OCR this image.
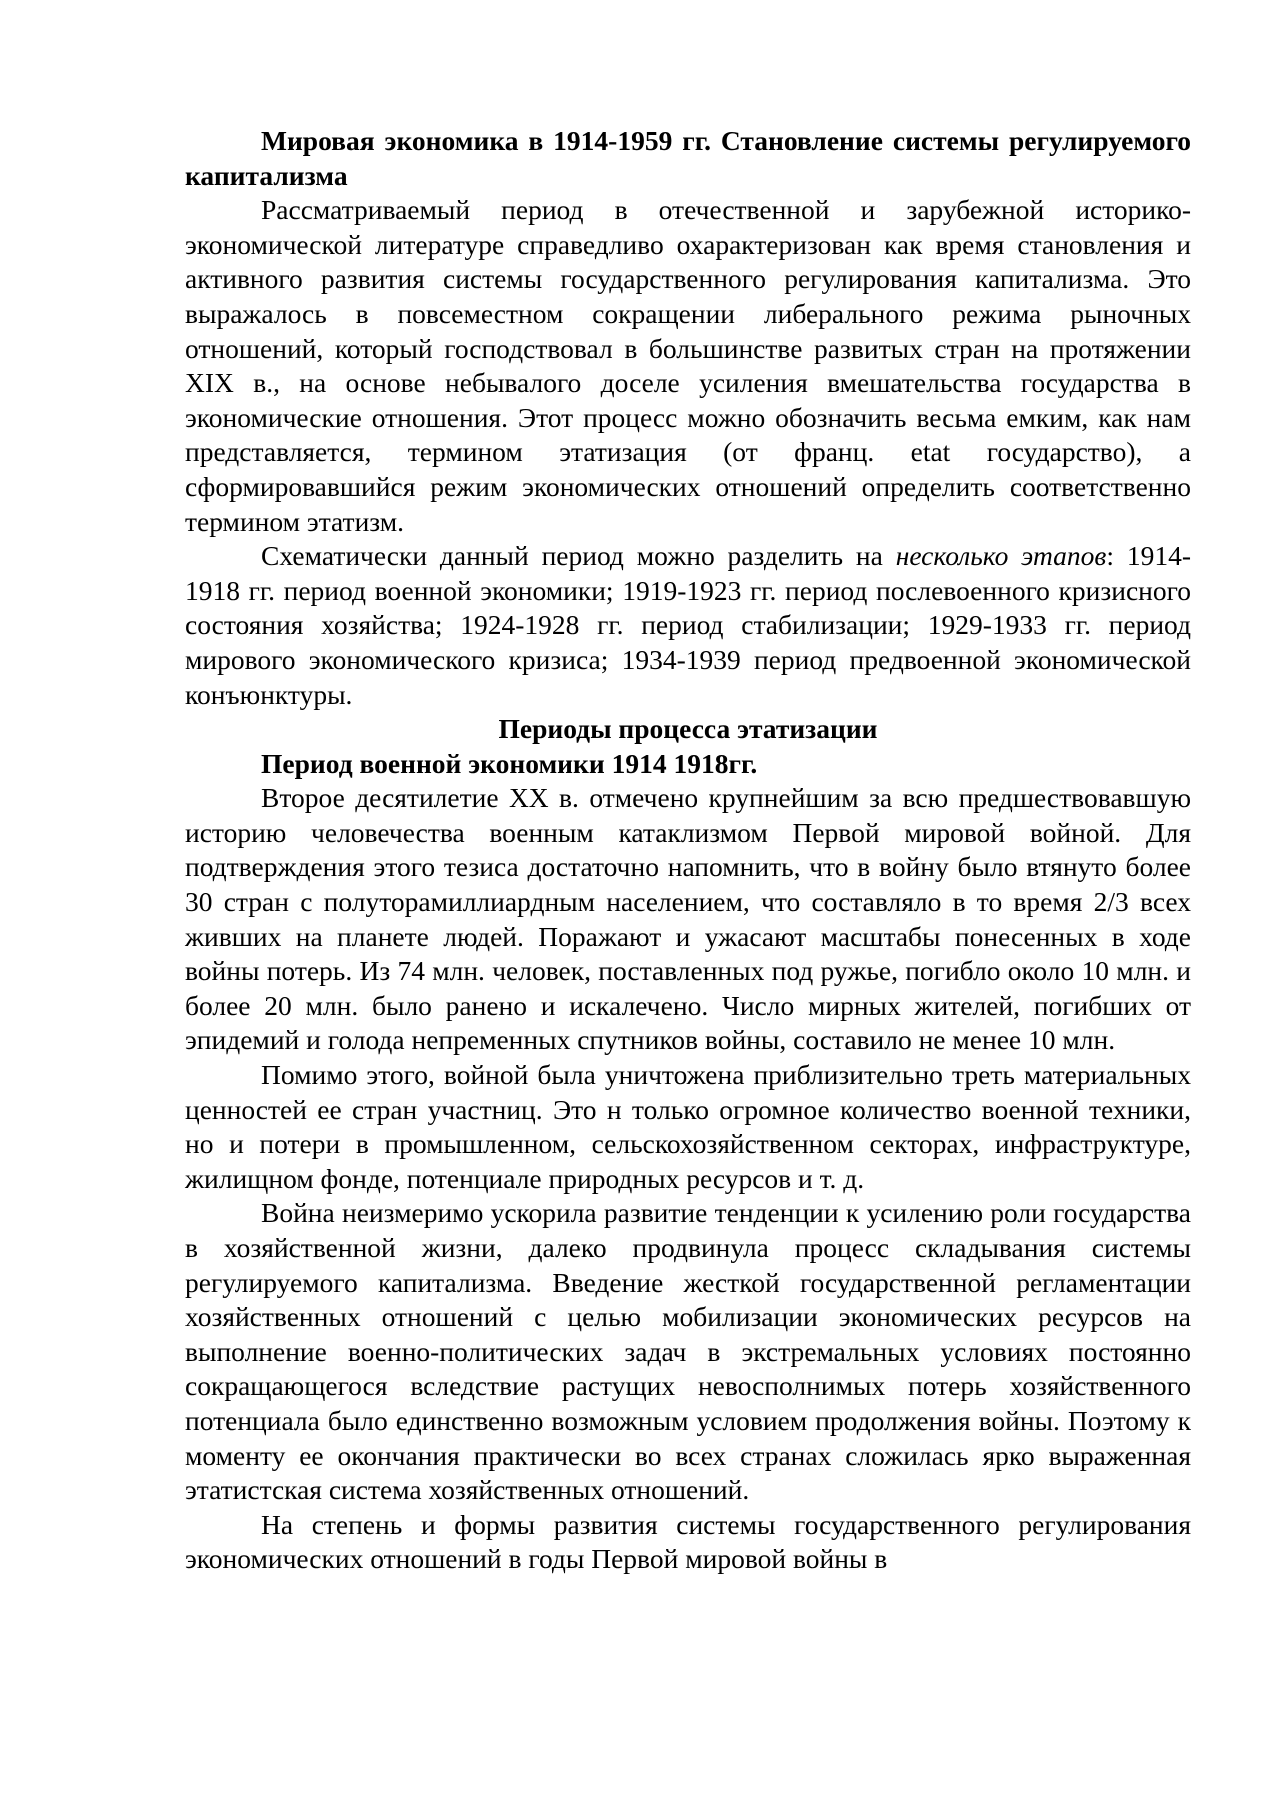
Мировая экономика в 1914-1959 гг. Становление системы регулируемого капитализма

Рассматриваемый период в отечественной и зарубежной историко-экономической литературе справедливо охарактеризован как время становления и активного развития системы государственного регулирования капитализма. Это выражалось в повсеместном сокращении либерального режима рыночных отношений, который господствовал в большинстве развитых стран на протяжении XIX в., на основе небывалого доселе усиления вмешательства государства в экономические отношения. Этот процесс можно обозначить весьма емким, как нам представляется, термином этатизация (от франц. etat государство), а сформировавшийся режим экономических отношений определить соответственно термином этатизм.

Схематически данный период можно разделить на несколько этапов: 1914-1918 гг. период военной экономики; 1919-1923 гг. период послевоенного кризисного состояния хозяйства; 1924-1928 гг. период стабилизации; 1929-1933 гг. период мирового экономического кризиса; 1934-1939 период предвоенной экономической конъюнктуры.

Периоды процесса этатизации

Период военной экономики 1914 1918гг.

Второе десятилетие XX в. отмечено крупнейшим за всю предшествовавшую историю человечества военным катаклизмом Первой мировой войной. Для подтверждения этого тезиса достаточно напомнить, что в войну было втянуто более 30 стран с полуторамиллиардным населением, что составляло в то время 2/3 всех живших на планете людей. Поражают и ужасают масштабы понесенных в ходе войны потерь. Из 74 млн. человек, поставленных под ружье, погибло около 10 млн. и более 20 млн. было ранено и искалечено. Число мирных жителей, погибших от эпидемий и голода непременных спутников войны, составило не менее 10 млн.

Помимо этого, войной была уничтожена приблизительно треть материальных ценностей ее стран участниц. Это н только огромное количество военной техники, но и потери в промышленном, сельскохозяйственном секторах, инфраструктуре, жилищном фонде, потенциале природных ресурсов и т. д.

Война неизмеримо ускорила развитие тенденции к усилению роли государства в хозяйственной жизни, далеко продвинула процесс складывания системы регулируемого капитализма. Введение жесткой государственной регламентации хозяйственных отношений с целью мобилизации экономических ресурсов на выполнение военно-политических задач в экстремальных условиях постоянно сокращающегося вследствие растущих невосполнимых потерь хозяйственного потенциала было единственно возможным условием продолжения войны. Поэтому к моменту ее окончания практически во всех странах сложилась ярко выраженная этатистская система хозяйственных отношений.

На степень и формы развития системы государственного регулирования экономических отношений в годы Первой мировой войны в
